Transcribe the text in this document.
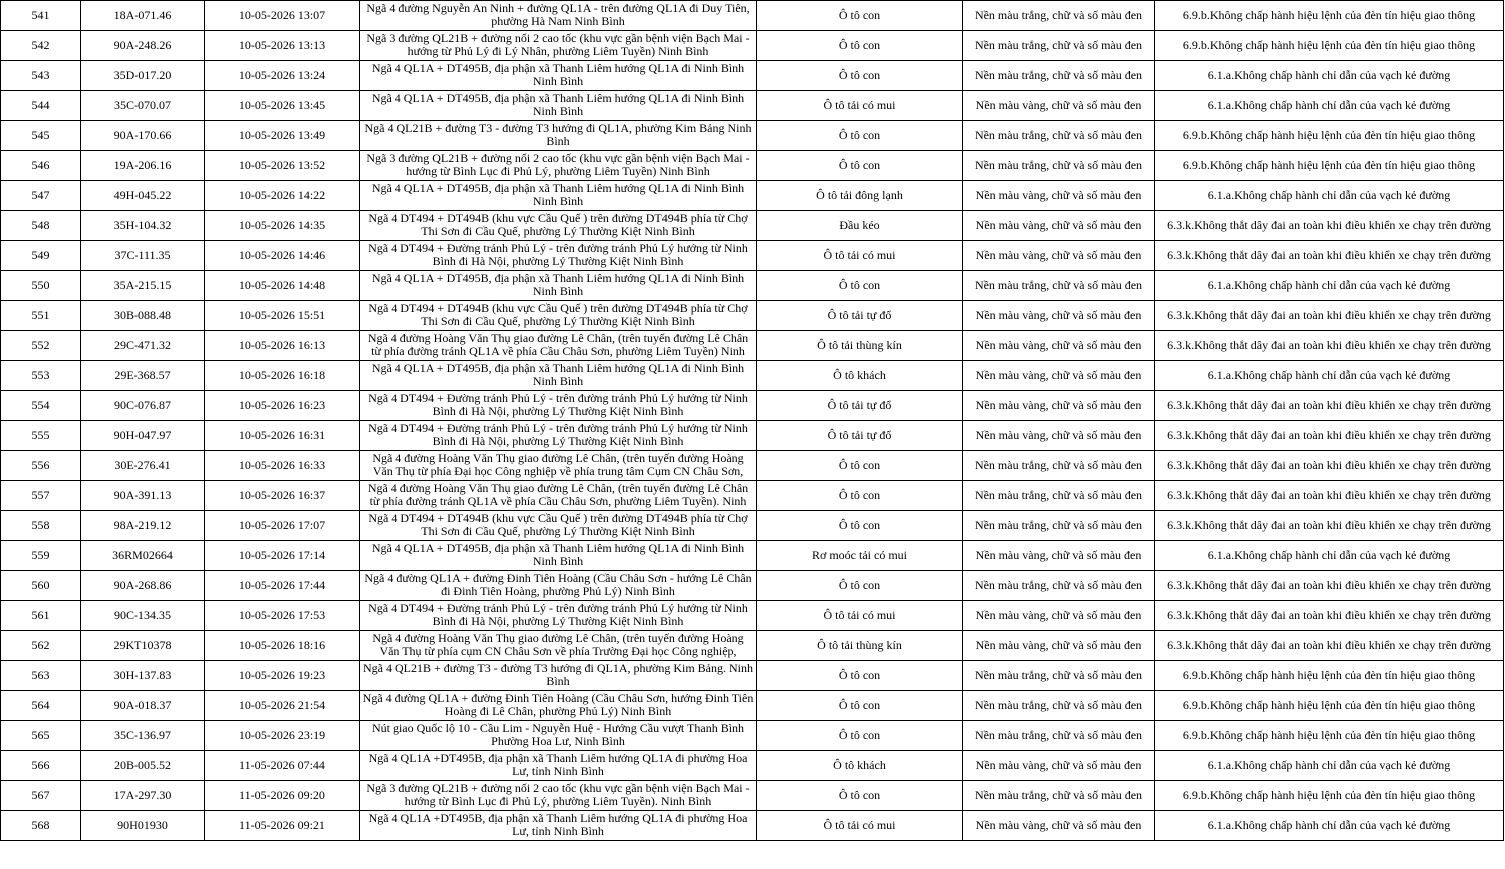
541	18A-071.46	10-05-2026 13:07	Ngã 4 đường Nguyễn An Ninh + đường QL1A - trên đường QL1A đi Duy Tiên, phường Hà Nam Ninh Bình	Ô tô con	Nền màu trắng, chữ và số màu đen	6.9.b.Không chấp hành hiệu lệnh của đèn tín hiệu giao thông
542	90A-248.26	10-05-2026 13:13	Ngã 3 đường QL21B + đường nối 2 cao tốc (khu vực gần bệnh viện Bạch Mai - hướng từ Phủ Lý đi Lý Nhân, phường Liêm Tuyền) Ninh Bình	Ô tô con	Nền màu trắng, chữ và số màu đen	6.9.b.Không chấp hành hiệu lệnh của đèn tín hiệu giao thông
543	35D-017.20	10-05-2026 13:24	Ngã 4 QL1A + DT495B, địa phận xã Thanh Liêm hướng QL1A đi Ninh Bình Ninh Bình	Ô tô con	Nền màu trắng, chữ và số màu đen	6.1.a.Không chấp hành chỉ dẫn của vạch kẻ đường
544	35C-070.07	10-05-2026 13:45	Ngã 4 QL1A + DT495B, địa phận xã Thanh Liêm hướng QL1A đi Ninh Bình Ninh Bình	Ô tô tải có mui	Nền màu vàng, chữ và số màu đen	6.1.a.Không chấp hành chỉ dẫn của vạch kẻ đường
545	90A-170.66	10-05-2026 13:49	Ngã 4 QL21B + đường T3 - đường T3 hướng đi QL1A, phường Kim Bảng Ninh Bình	Ô tô con	Nền màu trắng, chữ và số màu đen	6.9.b.Không chấp hành hiệu lệnh của đèn tín hiệu giao thông
546	19A-206.16	10-05-2026 13:52	Ngã 3 đường QL21B + đường nối 2 cao tốc (khu vực gần bệnh viện Bạch Mai - hướng từ Bình Lục đi Phủ Lý, phường Liêm Tuyền) Ninh Bình	Ô tô con	Nền màu trắng, chữ và số màu đen	6.9.b.Không chấp hành hiệu lệnh của đèn tín hiệu giao thông
547	49H-045.22	10-05-2026 14:22	Ngã 4 QL1A + DT495B, địa phận xã Thanh Liêm hướng QL1A đi Ninh Bình Ninh Bình	Ô tô tải đông lạnh	Nền màu vàng, chữ và số màu đen	6.1.a.Không chấp hành chỉ dẫn của vạch kẻ đường
548	35H-104.32	10-05-2026 14:35	Ngã 4 DT494 + DT494B (khu vực Cầu Quế ) trên đường DT494B phía từ Chợ Thi Sơn đi Cầu Quế, phường Lý Thường Kiệt Ninh Bình	Đầu kéo	Nền màu vàng, chữ và số màu đen	6.3.k.Không thắt dây đai an toàn khi điều khiển xe chạy trên đường
549	37C-111.35	10-05-2026 14:46	Ngã 4 DT494 + Đường tránh Phủ Lý - trên đường tránh Phủ Lý hướng từ Ninh Bình đi Hà Nội, phường Lý Thường Kiệt Ninh Bình	Ô tô tải có mui	Nền màu vàng, chữ và số màu đen	6.3.k.Không thắt dây đai an toàn khi điều khiển xe chạy trên đường
550	35A-215.15	10-05-2026 14:48	Ngã 4 QL1A + DT495B, địa phận xã Thanh Liêm hướng QL1A đi Ninh Bình Ninh Bình	Ô tô con	Nền màu trắng, chữ và số màu đen	6.1.a.Không chấp hành chỉ dẫn của vạch kẻ đường
551	30B-088.48	10-05-2026 15:51	Ngã 4 DT494 + DT494B (khu vực Cầu Quế ) trên đường DT494B phía từ Chợ Thi Sơn đi Cầu Quế, phường Lý Thường Kiệt Ninh Bình	Ô tô tải tự đổ	Nền màu vàng, chữ và số màu đen	6.3.k.Không thắt dây đai an toàn khi điều khiển xe chạy trên đường
552	29C-471.32	10-05-2026 16:13	Ngã 4 đường Hoàng Văn Thụ giao đường Lê Chân, (trên tuyến đường Lê Chân từ phía đường tránh QL1A về phía Cầu Châu Sơn, phường Liêm Tuyền) Ninh	Ô tô tải thùng kín	Nền màu vàng, chữ và số màu đen	6.3.k.Không thắt dây đai an toàn khi điều khiển xe chạy trên đường
553	29E-368.57	10-05-2026 16:18	Ngã 4 QL1A + DT495B, địa phận xã Thanh Liêm hướng QL1A đi Ninh Bình Ninh Bình	Ô tô khách	Nền màu vàng, chữ và số màu đen	6.1.a.Không chấp hành chỉ dẫn của vạch kẻ đường
554	90C-076.87	10-05-2026 16:23	Ngã 4 DT494 + Đường tránh Phủ Lý - trên đường tránh Phủ Lý hướng từ Ninh Bình đi Hà Nội, phường Lý Thường Kiệt Ninh Bình	Ô tô tải tự đổ	Nền màu vàng, chữ và số màu đen	6.3.k.Không thắt dây đai an toàn khi điều khiển xe chạy trên đường
555	90H-047.97	10-05-2026 16:31	Ngã 4 DT494 + Đường tránh Phủ Lý - trên đường tránh Phủ Lý hướng từ Ninh Bình đi Hà Nội, phường Lý Thường Kiệt Ninh Bình	Ô tô tải tự đổ	Nền màu vàng, chữ và số màu đen	6.3.k.Không thắt dây đai an toàn khi điều khiển xe chạy trên đường
556	30E-276.41	10-05-2026 16:33	Ngã 4 đường Hoàng Văn Thụ giao đường Lê Chân, (trên tuyến đường Hoàng Văn Thụ từ phía Đại học Công nghiệp về phía trung tâm Cụm CN Châu Sơn,	Ô tô con	Nền màu trắng, chữ và số màu đen	6.3.k.Không thắt dây đai an toàn khi điều khiển xe chạy trên đường
557	90A-391.13	10-05-2026 16:37	Ngã 4 đường Hoàng Văn Thụ giao đường Lê Chân, (trên tuyến đường Lê Chân từ phía đường tránh QL1A về phía Cầu Châu Sơn, phường Liêm Tuyền). Ninh	Ô tô con	Nền màu trắng, chữ và số màu đen	6.3.k.Không thắt dây đai an toàn khi điều khiển xe chạy trên đường
558	98A-219.12	10-05-2026 17:07	Ngã 4 DT494 + DT494B (khu vực Cầu Quế ) trên đường DT494B phía từ Chợ Thi Sơn đi Cầu Quế, phường Lý Thường Kiệt Ninh Bình	Ô tô con	Nền màu trắng, chữ và số màu đen	6.3.k.Không thắt dây đai an toàn khi điều khiển xe chạy trên đường
559	36RM02664	10-05-2026 17:14	Ngã 4 QL1A + DT495B, địa phận xã Thanh Liêm hướng QL1A đi Ninh Bình Ninh Bình	Rơ moóc tải có mui	Nền màu vàng, chữ và số màu đen	6.1.a.Không chấp hành chỉ dẫn của vạch kẻ đường
560	90A-268.86	10-05-2026 17:44	Ngã 4 đường QL1A + đường Đinh Tiên Hoàng (Cầu Châu Sơn - hướng Lê Chân đi Đinh Tiên Hoàng, phường Phủ Lý) Ninh Bình	Ô tô con	Nền màu trắng, chữ và số màu đen	6.3.k.Không thắt dây đai an toàn khi điều khiển xe chạy trên đường
561	90C-134.35	10-05-2026 17:53	Ngã 4 DT494 + Đường tránh Phủ Lý - trên đường tránh Phủ Lý hướng từ Ninh Bình đi Hà Nội, phường Lý Thường Kiệt Ninh Bình	Ô tô tải có mui	Nền màu vàng, chữ và số màu đen	6.3.k.Không thắt dây đai an toàn khi điều khiển xe chạy trên đường
562	29KT10378	10-05-2026 18:16	Ngã 4 đường Hoàng Văn Thụ giao đường Lê Chân, (trên tuyến đường Hoàng Văn Thụ từ phía cụm CN Châu Sơn về phía Trường Đại học Công nghiệp,	Ô tô tải thùng kín	Nền màu vàng, chữ và số màu đen	6.3.k.Không thắt dây đai an toàn khi điều khiển xe chạy trên đường
563	30H-137.83	10-05-2026 19:23	Ngã 4 QL21B + đường T3 - đường T3 hướng đi QL1A, phường Kim Bảng. Ninh Bình	Ô tô con	Nền màu trắng, chữ và số màu đen	6.9.b.Không chấp hành hiệu lệnh của đèn tín hiệu giao thông
564	90A-018.37	10-05-2026 21:54	Ngã 4 đường QL1A + đường Đinh Tiên Hoàng (Cầu Châu Sơn, hướng Đinh Tiên Hoàng đi Lê Chân, phường Phủ Lý) Ninh Bình	Ô tô con	Nền màu trắng, chữ và số màu đen	6.9.b.Không chấp hành hiệu lệnh của đèn tín hiệu giao thông
565	35C-136.97	10-05-2026 23:19	Nút giao Quốc lộ 10 - Cầu Lim - Nguyễn Huệ - Hướng Cầu vượt Thanh Bình Phường Hoa Lư, Ninh Bình	Ô tô con	Nền màu trắng, chữ và số màu đen	6.9.b.Không chấp hành hiệu lệnh của đèn tín hiệu giao thông
566	20B-005.52	11-05-2026 07:44	Ngã 4 QL1A +DT495B, địa phận xã Thanh Liêm hướng QL1A đi phường Hoa Lư, tỉnh Ninh Bình	Ô tô khách	Nền màu vàng, chữ và số màu đen	6.1.a.Không chấp hành chỉ dẫn của vạch kẻ đường
567	17A-297.30	11-05-2026 09:20	Ngã 3 đường QL21B + đường nối 2 cao tốc (khu vực gần bệnh viện Bạch Mai - hướng từ Bình Lục đi Phủ Lý, phường Liêm Tuyền). Ninh Bình	Ô tô con	Nền màu trắng, chữ và số màu đen	6.9.b.Không chấp hành hiệu lệnh của đèn tín hiệu giao thông
568	90H01930	11-05-2026 09:21	Ngã 4 QL1A +DT495B, địa phận xã Thanh Liêm hướng QL1A đi phường Hoa Lư, tỉnh Ninh Bình	Ô tô tải có mui	Nền màu vàng, chữ và số màu đen	6.1.a.Không chấp hành chỉ dẫn của vạch kẻ đường
